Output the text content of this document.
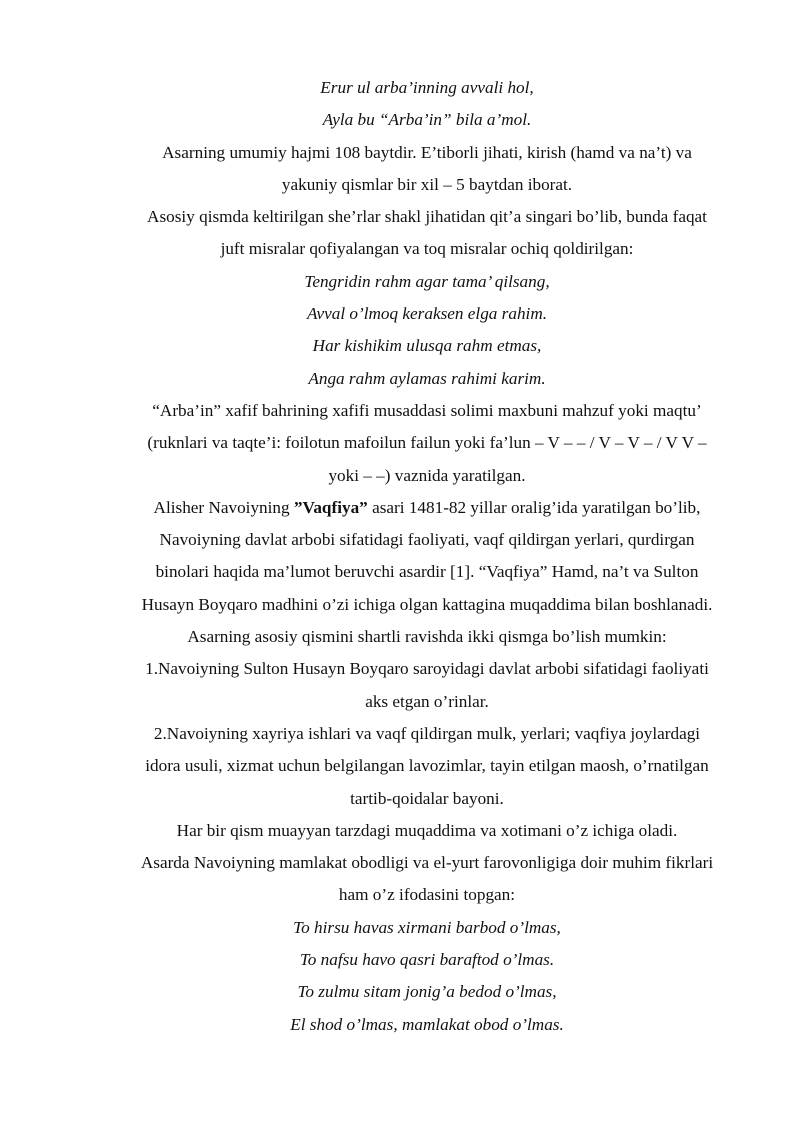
Erur ul arba’inning avvali hol,
Ayla bu “Arba’in” bila a’mol.
Asarning umumiy hajmi 108 baytdir. E’tiborli jihati, kirish (hamd va na’t) va
yakuniy qismlar bir xil – 5 baytdan iborat.
Asosiy qismda keltirilgan she’rlar shakl jihatidan qit’a singari bo’lib, bunda faqat
juft misralar qofiyalangan va toq misralar ochiq qoldirilgan:
Tengridin rahm agar tama’ qilsang,
Avval o’lmoq keraksen elga rahim.
Har kishikim ulusqa rahm etmas,
Anga rahm aylamas rahimi karim.
“Arba’in” xafif bahrining xafifi musaddasi solimi maxbuni mahzuf yoki maqtu’
(ruknlari va taqte’i: foilotun mafoilun failun yoki fa’lun – V – – / V – V – / V V –
yoki – –) vaznida yaratilgan.
Alisher Navoiyning ”Vaqfiya” asari 1481-82 yillar oralig’ida yaratilgan bo’lib,
Navoiyning davlat arbobi sifatidagi faoliyati, vaqf qildirgan yerlari, qurdirgan
binolari haqida ma’lumot beruvchi asardir [1]. “Vaqfiya” Hamd, na’t va Sulton
Husayn Boyqaro madhini o’zi ichiga olgan kattagina muqaddima bilan boshlanadi.
Asarning asosiy qismini shartli ravishda ikki qismga bo’lish mumkin:
1.Navoiyning Sulton Husayn Boyqaro saroyidagi davlat arbobi sifatidagi faoliyati
aks etgan o’rinlar.
2.Navoiyning xayriya ishlari va vaqf qildirgan mulk, yerlari; vaqfiya joylardagi
idora usuli, xizmat uchun belgilangan lavozimlar, tayin etilgan maosh, o’rnatilgan
tartib-qoidalar bayoni.
Har bir qism muayyan tarzdagi muqaddima va xotimani o’z ichiga oladi.
Asarda Navoiyning mamlakat obodligi va el-yurt farovonligiga doir muhim fikrlari
ham o’z ifodasini topgan:
To hirsu havas xirmani barbod o’lmas,
To nafsu havo qasri baraftod o’lmas.
To zulmu sitam jonig’a bedod o’lmas,
El shod o’lmas, mamlakat obod o’lmas.
